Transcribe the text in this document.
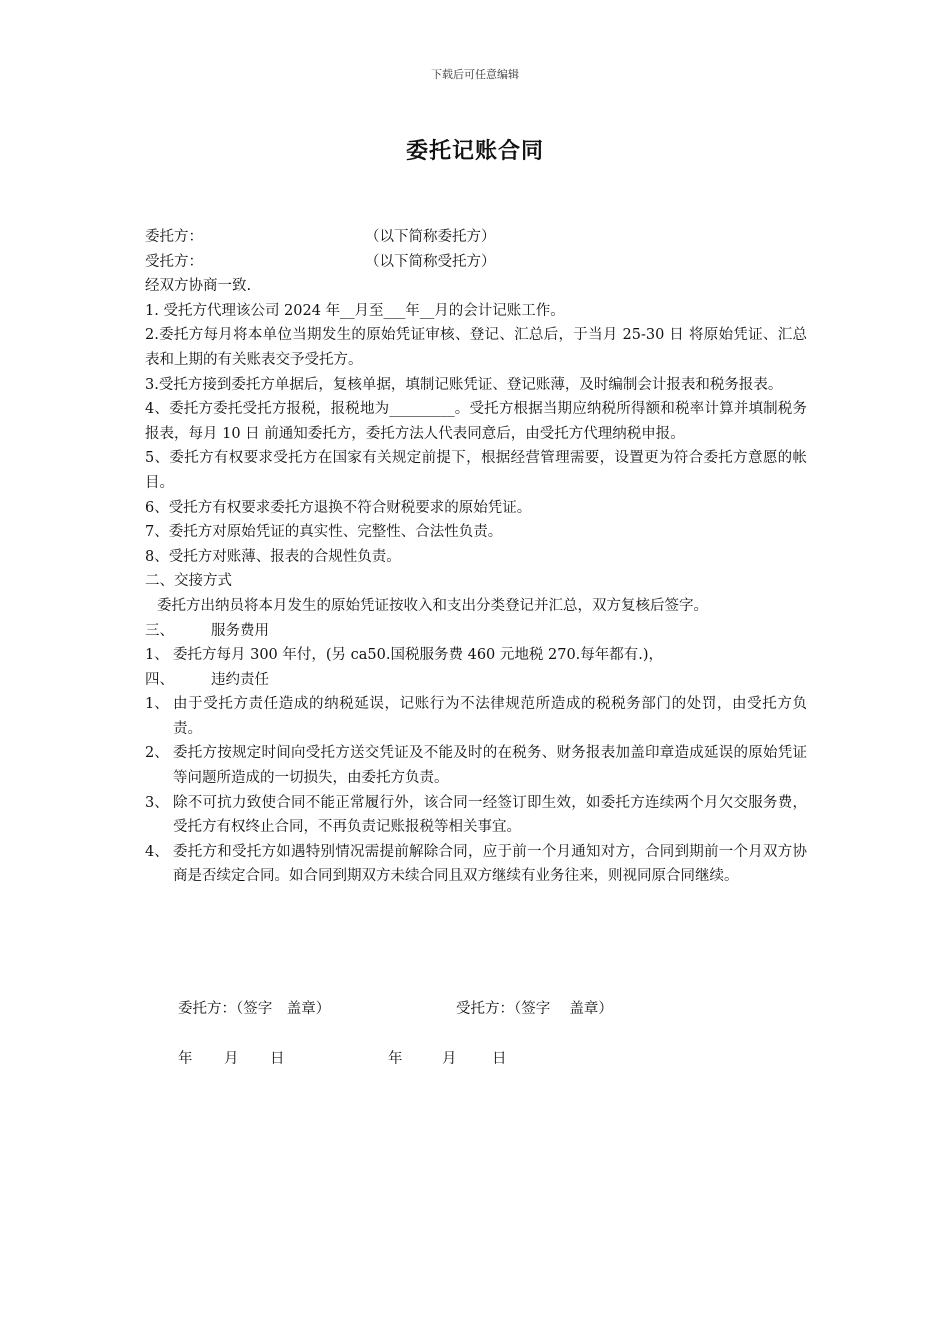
下载后可任意编辑
委托记账合同
委托方：	（以下简称委托方）
受托方：	（以下简称受托方）
经双方协商一致.
1. 受托方代理该公司 2024 年__月至___年__月的会计记账工作。
2.委托方每月将本单位当期发生的原始凭证审核、登记、汇总后，于当月 25-30 日 将原始凭证、汇总表和上期的有关账表交予受托方。
3.受托方接到委托方单据后，复核单据，填制记账凭证、登记账薄，及时编制会计报表和税务报表。
4、委托方委托受托方报税，报税地为_________。受托方根据当期应纳税所得额和税率计算并填制税务报表，每月 10 日 前通知委托方，委托方法人代表同意后，由受托方代理纳税申报。
5、委托方有权要求受托方在国家有关规定前提下，根据经营管理需要，设置更为符合委托方意愿的帐目。
6、受托方有权要求委托方退换不符合财税要求的原始凭证。
7、委托方对原始凭证的真实性、完整性、合法性负责。
8、受托方对账薄、报表的合规性负责。
二、交接方式
委托方出纳员将本月发生的原始凭证按收入和支出分类登记并汇总，双方复核后签字。
三、	服务费用
1、 委托方每月 300 年付，(另 ca50.国税服务费 460 元地税 270.每年都有.)，
四、	违约责任
1、 由于受托方责任造成的纳税延误，记账行为不法律规范所造成的税税务部门的处罚，由受托方负责。
2、 委托方按规定时间向受托方送交凭证及不能及时的在税务、财务报表加盖印章造成延误的原始凭证等问题所造成的一切损失，由委托方负责。
3、 除不可抗力致使合同不能正常履行外，该合同一经签订即生效，如委托方连续两个月欠交服务费，受托方有权终止合同，不再负责记账报税等相关事宜。
4、 委托方和受托方如遇特别情况需提前解除合同，应于前一个月通知对方，合同到期前一个月双方协商是否续定合同。如合同到期双方未续合同且双方继续有业务往来，则视同原合同继续。
委托方：（签字　盖章）	受托方：（签字　 盖章）
年	月	日	年	月	日
